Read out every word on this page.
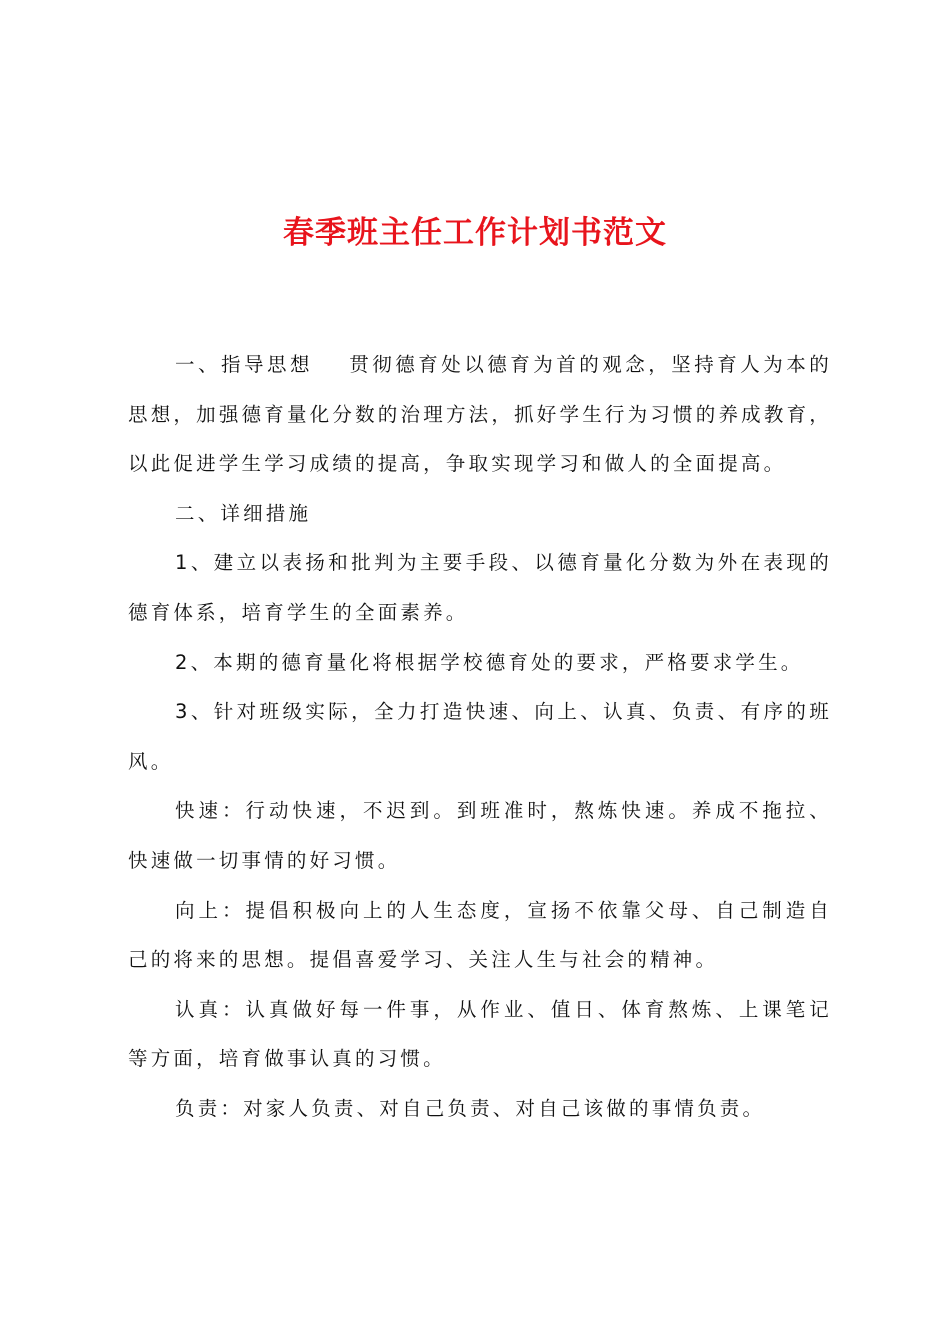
春季班主任工作计划书范文

一、指导思想 贯彻德育处以德育为首的观念，坚持育人为本的思想，加强德育量化分数的治理方法，抓好学生行为习惯的养成教育，以此促进学生学习成绩的提高，争取实现学习和做人的全面提高。

二、详细措施

1、建立以表扬和批判为主要手段、以德育量化分数为外在表现的德育体系，培育学生的全面素养。

2、本期的德育量化将根据学校德育处的要求，严格要求学生。

3、针对班级实际，全力打造快速、向上、认真、负责、有序的班风。

快速：行动快速，不迟到。到班准时，熬炼快速。养成不拖拉、快速做一切事情的好习惯。

向上：提倡积极向上的人生态度，宣扬不依靠父母、自己制造自己的将来的思想。提倡喜爱学习、关注人生与社会的精神。

认真：认真做好每一件事，从作业、值日、体育熬炼、上课笔记等方面，培育做事认真的习惯。

负责：对家人负责、对自己负责、对自己该做的事情负责。
